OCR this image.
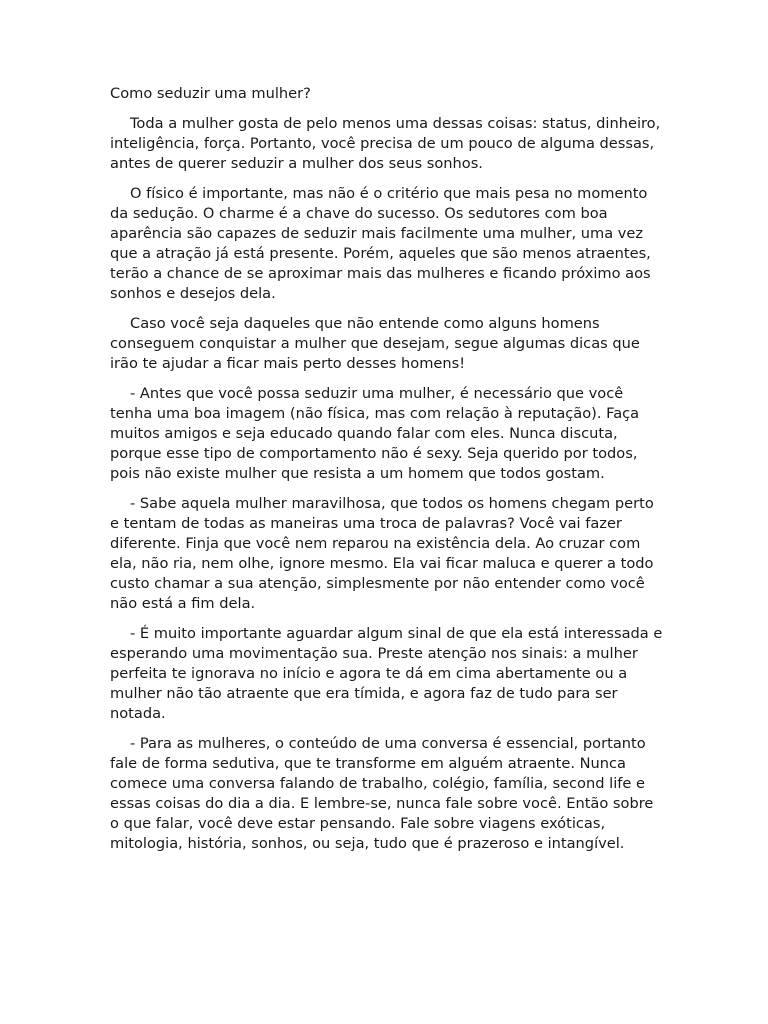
Como seduzir uma mulher?

Toda a mulher gosta de pelo menos uma dessas coisas: status, dinheiro, inteligência, força. Portanto, você precisa de um pouco de alguma dessas, antes de querer seduzir a mulher dos seus sonhos.

O físico é importante, mas não é o critério que mais pesa no momento da sedução. O charme é a chave do sucesso. Os sedutores com boa aparência são capazes de seduzir mais facilmente uma mulher, uma vez que a atração já está presente. Porém, aqueles que são menos atraentes, terão a chance de se aproximar mais das mulheres e ficando próximo aos sonhos e desejos dela.

Caso você seja daqueles que não entende como alguns homens conseguem conquistar a mulher que desejam, segue algumas dicas que irão te ajudar a ficar mais perto desses homens!

- Antes que você possa seduzir uma mulher, é necessário que você tenha uma boa imagem (não física, mas com relação à reputação). Faça muitos amigos e seja educado quando falar com eles. Nunca discuta, porque esse tipo de comportamento não é sexy. Seja querido por todos, pois não existe mulher que resista a um homem que todos gostam.

- Sabe aquela mulher maravilhosa, que todos os homens chegam perto e tentam de todas as maneiras uma troca de palavras? Você vai fazer diferente. Finja que você nem reparou na existência dela. Ao cruzar com ela, não ria, nem olhe, ignore mesmo. Ela vai ficar maluca e querer a todo custo chamar a sua atenção, simplesmente por não entender como você não está a fim dela.

- É muito importante aguardar algum sinal de que ela está interessada e esperando uma movimentação sua. Preste atenção nos sinais: a mulher perfeita te ignorava no início e agora te dá em cima abertamente ou a mulher não tão atraente que era tímida, e agora faz de tudo para ser notada.

- Para as mulheres, o conteúdo de uma conversa é essencial, portanto fale de forma sedutiva, que te transforme em alguém atraente. Nunca comece uma conversa falando de trabalho, colégio, família, second life e essas coisas do dia a dia. E lembre-se, nunca fale sobre você. Então sobre o que falar, você deve estar pensando. Fale sobre viagens exóticas, mitologia, história, sonhos, ou seja, tudo que é prazeroso e intangível.
